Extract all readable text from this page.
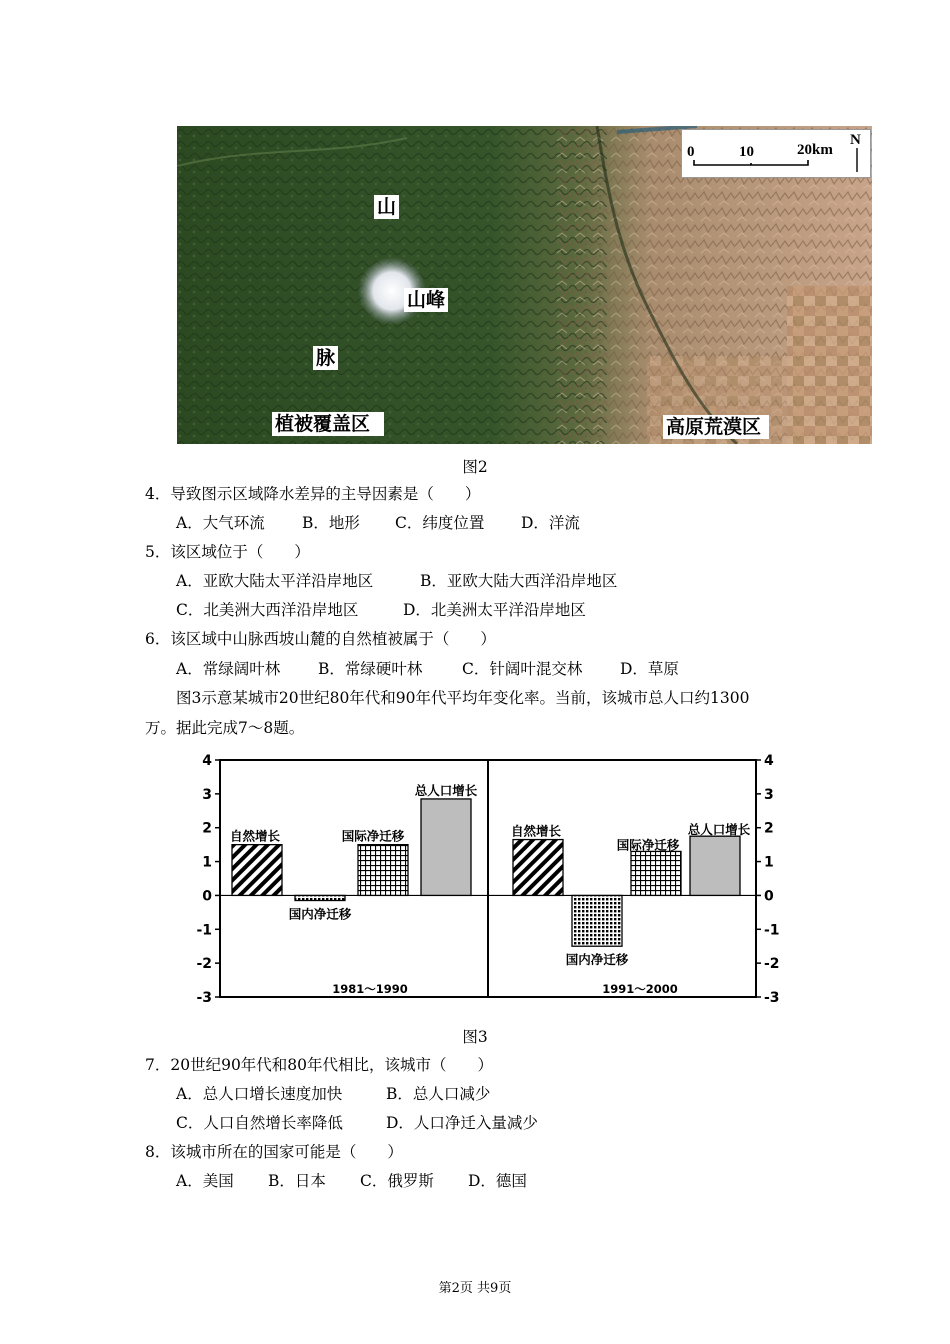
山
山峰
脉
植被覆盖区	高原荒漠区
0	10	20km
N
图2
4．导致图示区域降水差异的主导因素是（　　）
A．大气环流 B．地形 C．纬度位置 D．洋流
5．该区域位于（　　）
A．亚欧大陆太平洋沿岸地区	B．亚欧大陆大西洋沿岸地区
C．北美洲大西洋沿岸地区	D．北美洲太平洋沿岸地区
6．该区域中山脉西坡山麓的自然植被属于（　　）
A．常绿阔叶林 B．常绿硬叶林	C．针阔叶混交林 D．草原
图3示意某城市20世纪80年代和90年代平均年变化率。当前，该城市总人口约1300
万。据此完成7～8题。
4	4
3	3
2	2
1	1
0	0
-1	-1
-2	-2
-3	-3
自然增长
国内净迁移
国际净迁移
总人口增长
1981～1990
自然增长
国内净迁移
国际净迁移
总人口增长
1991～2000
图3
7．20世纪90年代和80年代相比，该城市（　　）
A．总人口增长速度加快	B．总人口减少
C．人口自然增长率降低	D．人口净迁入量减少
8．该城市所在的国家可能是（　　）
A．美国 B．日本 C．俄罗斯 D．德国
第2页 共9页
